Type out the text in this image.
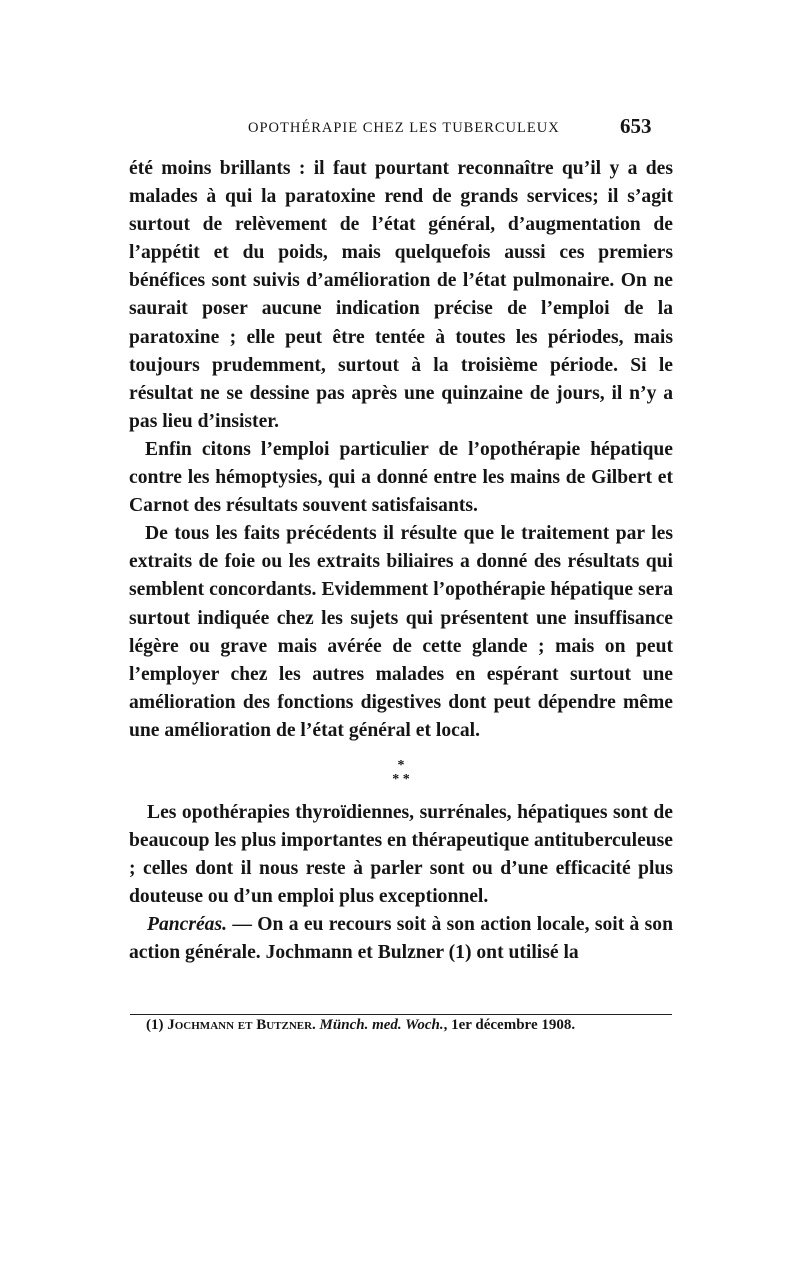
OPOTHÉRAPIE CHEZ LES TUBERCULEUX	653

été moins brillants : il faut pourtant reconnaître qu’il y a des malades à qui la paratoxine rend de grands services; il s’agit surtout de relèvement de l’état général, d’augmentation de l’appétit et du poids, mais quelquefois aussi ces premiers bénéfices sont suivis d’amélioration de l’état pulmonaire. On ne saurait poser aucune indication précise de l’emploi de la paratoxine ; elle peut être tentée à toutes les périodes, mais toujours prudemment, surtout à la troisième période. Si le résultat ne se dessine pas après une quinzaine de jours, il n’y a pas lieu d’insister.

Enfin citons l’emploi particulier de l’opothérapie hépatique contre les hémoptysies, qui a donné entre les mains de Gilbert et Carnot des résultats souvent satisfaisants.

De tous les faits précédents il résulte que le traitement par les extraits de foie ou les extraits biliaires a donné des résultats qui semblent concordants. Evidemment l’opothérapie hépatique sera surtout indiquée chez les sujets qui présentent une insuffisance légère ou grave mais avérée de cette glande ; mais on peut l’employer chez les autres malades en espérant surtout une amélioration des fonctions digestives dont peut dépendre même une amélioration de l’état général et local.

*
* *

Les opothérapies thyroïdiennes, surrénales, hépatiques sont de beaucoup les plus importantes en thérapeutique antituberculeuse ; celles dont il nous reste à parler sont ou d’une efficacité plus douteuse ou d’un emploi plus exceptionnel.

Pancréas. — On a eu recours soit à son action locale, soit à son action générale. Jochmann et Bulzner (1) ont utilisé la

(1) Jochmann et Butzner. Münch. med. Woch., 1er décembre 1908.
